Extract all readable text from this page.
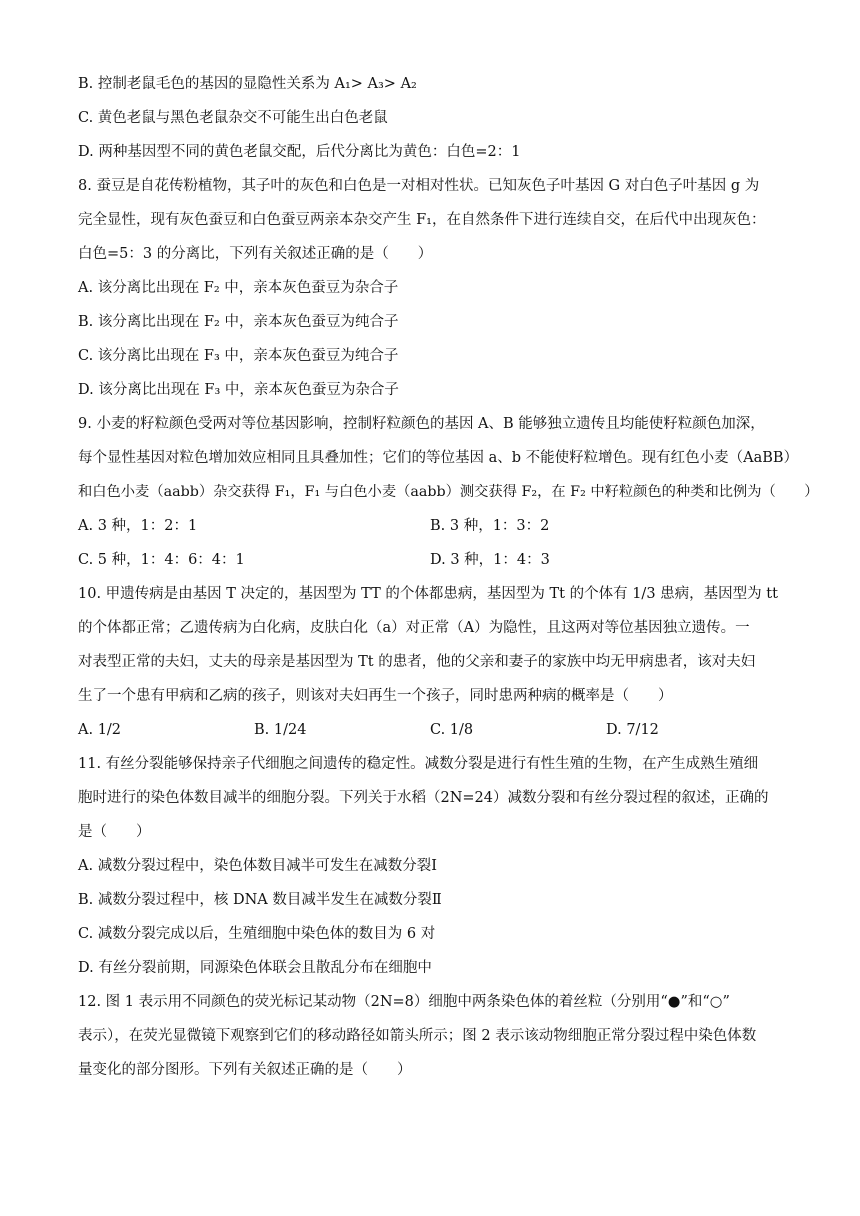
B. 控制老鼠毛色的基因的显隐性关系为 A₁> A₃> A₂
C. 黄色老鼠与黑色老鼠杂交不可能生出白色老鼠
D. 两种基因型不同的黄色老鼠交配，后代分离比为黄色：白色=2：1
8. 蚕豆是自花传粉植物，其子叶的灰色和白色是一对相对性状。已知灰色子叶基因 G 对白色子叶基因 g 为
完全显性，现有灰色蚕豆和白色蚕豆两亲本杂交产生 F₁，在自然条件下进行连续自交，在后代中出现灰色：
白色=5：3 的分离比，下列有关叙述正确的是（　　）
A. 该分离比出现在 F₂ 中，亲本灰色蚕豆为杂合子
B. 该分离比出现在 F₂ 中，亲本灰色蚕豆为纯合子
C. 该分离比出现在 F₃ 中，亲本灰色蚕豆为纯合子
D. 该分离比出现在 F₃ 中，亲本灰色蚕豆为杂合子
9. 小麦的籽粒颜色受两对等位基因影响，控制籽粒颜色的基因 A、B 能够独立遗传且均能使籽粒颜色加深，
每个显性基因对粒色增加效应相同且具叠加性；它们的等位基因 a、b 不能使籽粒增色。现有红色小麦（AaBB）
和白色小麦（aabb）杂交获得 F₁，F₁ 与白色小麦（aabb）测交获得 F₂，在 F₂ 中籽粒颜色的种类和比例为（　　）
A. 3 种，1：2：1	B. 3 种，1：3：2
C. 5 种，1：4：6：4：1	D. 3 种，1：4：3
10. 甲遗传病是由基因 T 决定的，基因型为 TT 的个体都患病，基因型为 Tt 的个体有 1/3 患病，基因型为 tt
的个体都正常；乙遗传病为白化病，皮肤白化（a）对正常（A）为隐性，且这两对等位基因独立遗传。一
对表型正常的夫妇，丈夫的母亲是基因型为 Tt 的患者，他的父亲和妻子的家族中均无甲病患者，该对夫妇
生了一个患有甲病和乙病的孩子，则该对夫妇再生一个孩子，同时患两种病的概率是（　　）
A. 1/2	B. 1/24	C. 1/8	D. 7/12
11. 有丝分裂能够保持亲子代细胞之间遗传的稳定性。减数分裂是进行有性生殖的生物，在产生成熟生殖细
胞时进行的染色体数目减半的细胞分裂。下列关于水稻（2N=24）减数分裂和有丝分裂过程的叙述，正确的
是（　　）
A. 减数分裂过程中，染色体数目减半可发生在减数分裂Ⅰ
B. 减数分裂过程中，核 DNA 数目减半发生在减数分裂Ⅱ
C. 减数分裂完成以后，生殖细胞中染色体的数目为 6 对
D. 有丝分裂前期，同源染色体联会且散乱分布在细胞中
12. 图 1 表示用不同颜色的荧光标记某动物（2N=8）细胞中两条染色体的着丝粒（分别用“●”和“○”
表示），在荧光显微镜下观察到它们的移动路径如箭头所示；图 2 表示该动物细胞正常分裂过程中染色体数
量变化的部分图形。下列有关叙述正确的是（　　）
